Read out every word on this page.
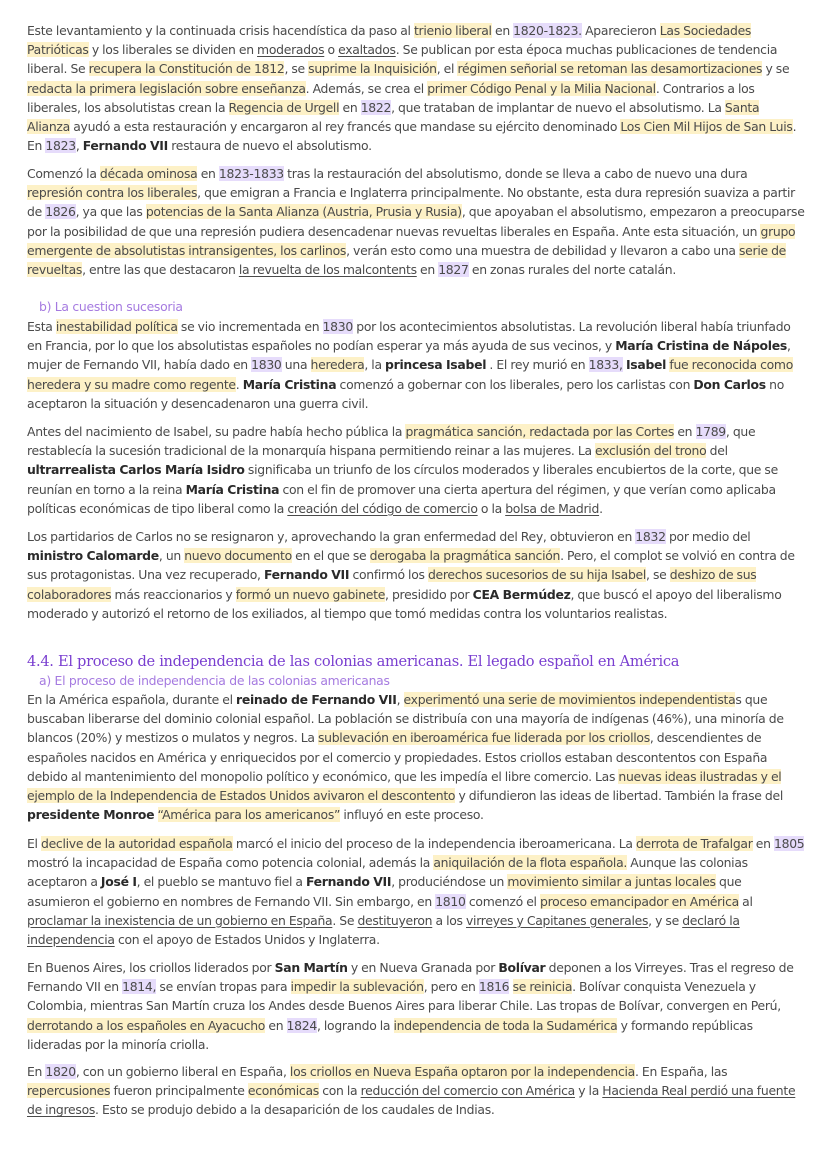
Este levantamiento y la continuada crisis hacendística da paso al trienio liberal en 1820-1823. Aparecieron Las Sociedades Patrióticas y los liberales se dividen en moderados o exaltados. Se publican por esta época muchas publicaciones de tendencia liberal. Se recupera la Constitución de 1812, se suprime la Inquisición, el régimen señorial se retoman las desamortizaciones y se redacta la primera legislación sobre enseñanza. Además, se crea el primer Código Penal y la Milia Nacional. Contrarios a los liberales, los absolutistas crean la Regencia de Urgell en 1822, que trataban de implantar de nuevo el absolutismo. La Santa Alianza ayudó a esta restauración y encargaron al rey francés que mandase su ejército denominado Los Cien Mil Hijos de San Luis. En 1823, Fernando VII restaura de nuevo el absolutismo.

Comenzó la década ominosa en 1823-1833 tras la restauración del absolutismo, donde se lleva a cabo de nuevo una dura represión contra los liberales, que emigran a Francia e Inglaterra principalmente. No obstante, esta dura represión suaviza a partir de 1826, ya que las potencias de la Santa Alianza (Austria, Prusia y Rusia), que apoyaban el absolutismo, empezaron a preocuparse por la posibilidad de que una represión pudiera desencadenar nuevas revueltas liberales en España. Ante esta situación, un grupo emergente de absolutistas intransigentes, los carlinos, verán esto como una muestra de debilidad y llevaron a cabo una serie de revueltas, entre las que destacaron la revuelta de los malcontents en 1827 en zonas rurales del norte catalán.

b) La cuestion sucesoria

Esta inestabilidad política se vio incrementada en 1830 por los acontecimientos absolutistas. La revolución liberal había triunfado en Francia, por lo que los absolutistas españoles no podían esperar ya más ayuda de sus vecinos, y María Cristina de Nápoles, mujer de Fernando VII, había dado en 1830 una heredera, la princesa Isabel . El rey murió en 1833, Isabel fue reconocida como heredera y su madre como regente. María Cristina comenzó a gobernar con los liberales, pero los carlistas con Don Carlos no aceptaron la situación y desencadenaron una guerra civil.

Antes del nacimiento de Isabel, su padre había hecho pública la pragmática sanción, redactada por las Cortes en 1789, que restablecía la sucesión tradicional de la monarquía hispana permitiendo reinar a las mujeres. La exclusión del trono del ultrarrealista Carlos María Isidro significaba un triunfo de los círculos moderados y liberales encubiertos de la corte, que se reunían en torno a la reina María Cristina con el fin de promover una cierta apertura del régimen, y que verían como aplicaba políticas económicas de tipo liberal como la creación del código de comercio o la bolsa de Madrid.

Los partidarios de Carlos no se resignaron y, aprovechando la gran enfermedad del Rey, obtuvieron en 1832 por medio del ministro Calomarde, un nuevo documento en el que se derogaba la pragmática sanción. Pero, el complot se volvió en contra de sus protagonistas. Una vez recuperado, Fernando VII confirmó los derechos sucesorios de su hija Isabel, se deshizo de sus colaboradores más reaccionarios y formó un nuevo gabinete, presidido por CEA Bermúdez, que buscó el apoyo del liberalismo moderado y autorizó el retorno de los exiliados, al tiempo que tomó medidas contra los voluntarios realistas.

4.4. El proceso de independencia de las colonias americanas. El legado español en América

a) El proceso de independencia de las colonias americanas

En la América española, durante el reinado de Fernando VII, experimentó una serie de movimientos independentistas que buscaban liberarse del dominio colonial español. La población se distribuía con una mayoría de indígenas (46%), una minoría de blancos (20%) y mestizos o mulatos y negros. La sublevación en iberoamérica fue liderada por los criollos, descendientes de españoles nacidos en América y enriquecidos por el comercio y propiedades. Estos criollos estaban descontentos con España debido al mantenimiento del monopolio político y económico, que les impedía el libre comercio. Las nuevas ideas ilustradas y el ejemplo de la Independencia de Estados Unidos avivaron el descontento y difundieron las ideas de libertad. También la frase del presidente Monroe “América para los americanos” influyó en este proceso.

El declive de la autoridad española marcó el inicio del proceso de la independencia iberoamericana. La derrota de Trafalgar en 1805 mostró la incapacidad de España como potencia colonial, además la aniquilación de la flota española. Aunque las colonias aceptaron a José I, el pueblo se mantuvo fiel a Fernando VII, produciéndose un movimiento similar a juntas locales que asumieron el gobierno en nombres de Fernando VII. Sin embargo, en 1810 comenzó el proceso emancipador en América al proclamar la inexistencia de un gobierno en España. Se destituyeron a los virreyes y Capitanes generales, y se declaró la independencia con el apoyo de Estados Unidos y Inglaterra.

En Buenos Aires, los criollos liderados por San Martín y en Nueva Granada por Bolívar deponen a los Virreyes. Tras el regreso de Fernando VII en 1814, se envían tropas para impedir la sublevación, pero en 1816 se reinicia. Bolívar conquista Venezuela y Colombia, mientras San Martín cruza los Andes desde Buenos Aires para liberar Chile. Las tropas de Bolívar, convergen en Perú, derrotando a los españoles en Ayacucho en 1824, logrando la independencia de toda la Sudamérica y formando repúblicas lideradas por la minoría criolla.

En 1820, con un gobierno liberal en España, los criollos en Nueva España optaron por la independencia. En España, las repercusiones fueron principalmente económicas con la reducción del comercio con América y la Hacienda Real perdió una fuente de ingresos. Esto se produjo debido a la desaparición de los caudales de Indias.
